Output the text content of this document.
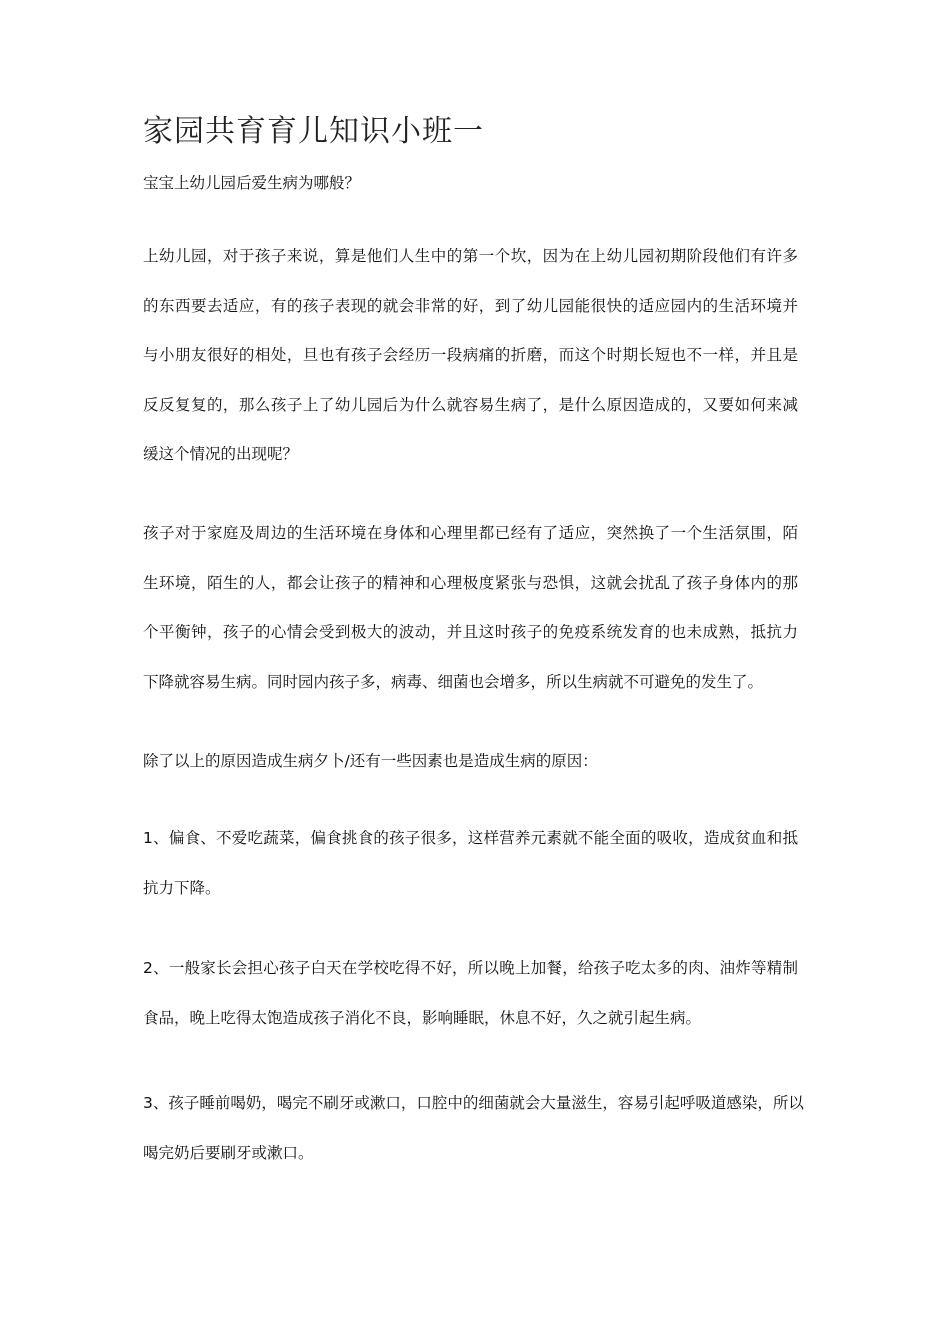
家园共育育儿知识小班一
宝宝上幼儿园后爱生病为哪般？
上幼儿园，对于孩子来说，算是他们人生中的第一个坎，因为在上幼儿园初期阶段他们有许多
的东西要去适应，有的孩子表现的就会非常的好，到了幼儿园能很快的适应园内的生活环境并
与小朋友很好的相处，旦也有孩子会经历一段病痛的折磨，而这个时期长短也不一样，并且是
反反复复的，那么孩子上了幼儿园后为什么就容易生病了，是什么原因造成的，又要如何来减
缓这个情况的出现呢？
孩子对于家庭及周边的生活环境在身体和心理里都已经有了适应，突然换了一个生活氛围，陌
生环境，陌生的人，都会让孩子的精神和心理极度紧张与恐惧，这就会扰乱了孩子身体内的那
个平衡钟，孩子的心情会受到极大的波动，并且这时孩子的免疫系统发育的也未成熟，抵抗力
下降就容易生病。同时园内孩子多，病毒、细菌也会增多，所以生病就不可避免的发生了。
除了以上的原因造成生病夕卜/还有一些因素也是造成生病的原因：
1、偏食、不爱吃蔬菜，偏食挑食的孩子很多，这样营养元素就不能全面的吸收，造成贫血和抵
抗力下降。
2、一般家长会担心孩子白天在学校吃得不好，所以晚上加餐，给孩子吃太多的肉、油炸等精制
食品，晚上吃得太饱造成孩子消化不良，影响睡眠，休息不好，久之就引起生病。
3、孩子睡前喝奶，喝完不刷牙或漱口，口腔中的细菌就会大量滋生，容易引起呼吸道感染，所以
喝完奶后要刷牙或漱口。
